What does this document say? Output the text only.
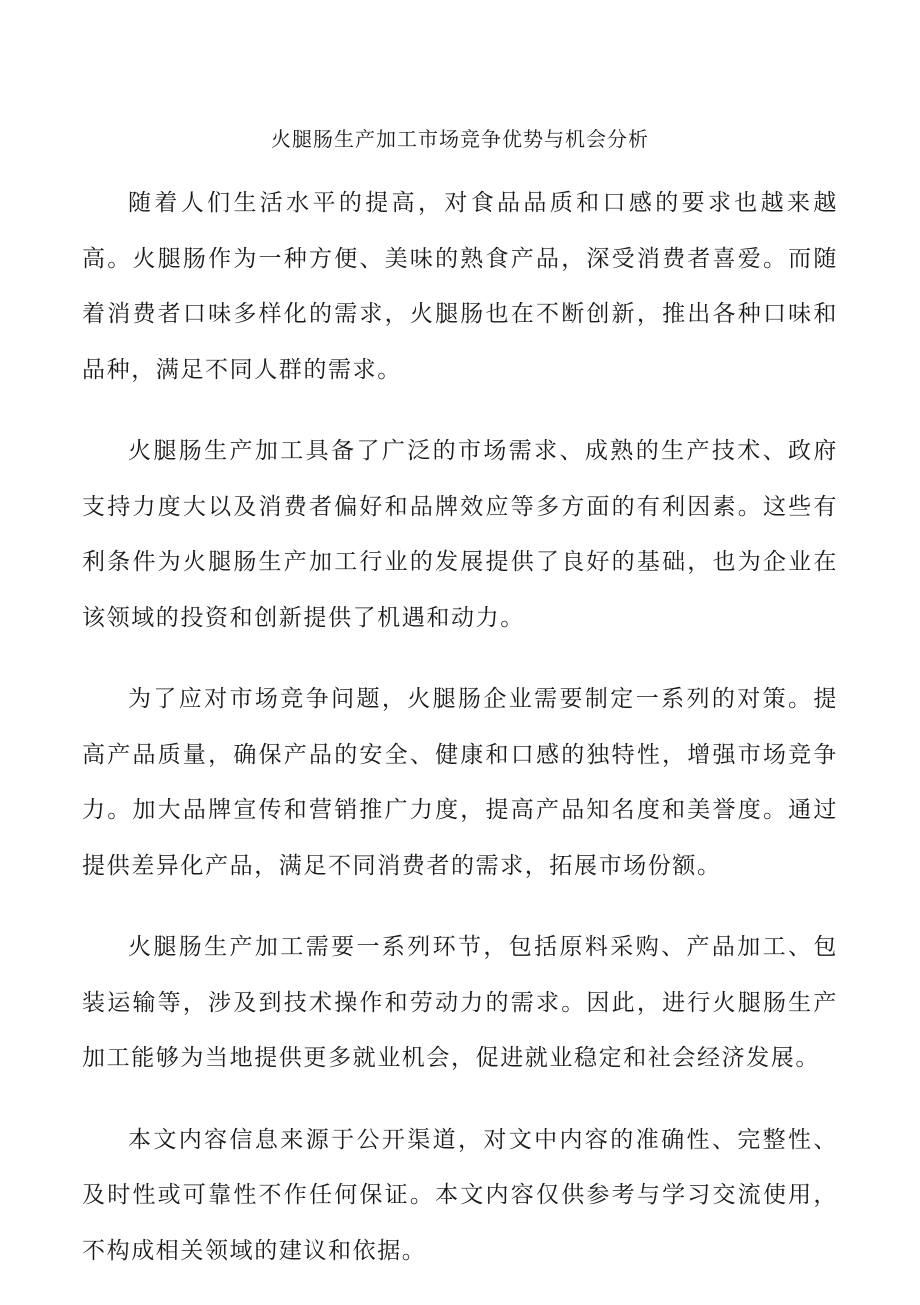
火腿肠生产加工市场竞争优势与机会分析

随着人们生活水平的提高，对食品品质和口感的要求也越来越高。火腿肠作为一种方便、美味的熟食产品，深受消费者喜爱。而随着消费者口味多样化的需求，火腿肠也在不断创新，推出各种口味和品种，满足不同人群的需求。

火腿肠生产加工具备了广泛的市场需求、成熟的生产技术、政府支持力度大以及消费者偏好和品牌效应等多方面的有利因素。这些有利条件为火腿肠生产加工行业的发展提供了良好的基础，也为企业在该领域的投资和创新提供了机遇和动力。

为了应对市场竞争问题，火腿肠企业需要制定一系列的对策。提高产品质量，确保产品的安全、健康和口感的独特性，增强市场竞争力。加大品牌宣传和营销推广力度，提高产品知名度和美誉度。通过提供差异化产品，满足不同消费者的需求，拓展市场份额。

火腿肠生产加工需要一系列环节，包括原料采购、产品加工、包装运输等，涉及到技术操作和劳动力的需求。因此，进行火腿肠生产加工能够为当地提供更多就业机会，促进就业稳定和社会经济发展。

本文内容信息来源于公开渠道，对文中内容的准确性、完整性、及时性或可靠性不作任何保证。本文内容仅供参考与学习交流使用，不构成相关领域的建议和依据。
